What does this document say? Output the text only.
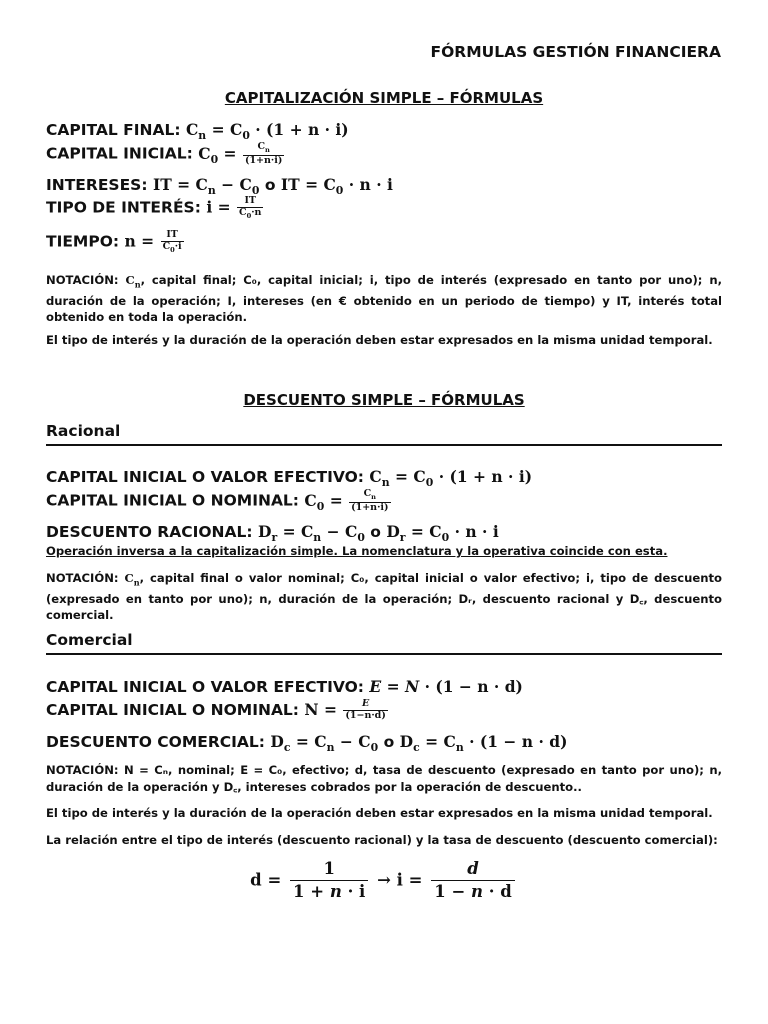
FÓRMULAS GESTIÓN FINANCIERA
CAPITALIZACIÓN SIMPLE – FÓRMULAS
CAPITAL FINAL: $C_n = C_0 \cdot (1 + n \cdot i)$
CAPITAL INICIAL: $C_0 = \frac{C_n}{(1+n\cdot i)}$
INTERESES: IT = $C_n - C_0$ o IT = $C_0 \cdot n \cdot i$
TIPO DE INTERÉS: $i = \frac{IT}{C_0\cdot n}$
TIEMPO: $n = \frac{IT}{C_0\cdot i}$
NOTACIÓN: $C_n$, capital final; C₀, capital inicial; i, tipo de interés (expresado en tanto por uno); n, duración de la operación; I, intereses (en € obtenido en un periodo de tiempo) y IT, interés total obtenido en toda la operación.
El tipo de interés y la duración de la operación deben estar expresados en la misma unidad temporal.
DESCUENTO SIMPLE – FÓRMULAS
Racional
CAPITAL INICIAL O VALOR EFECTIVO: $C_n = C_0 \cdot (1 + n \cdot i)$
CAPITAL INICIAL O NOMINAL: $C_0 = \frac{C_n}{(1+n\cdot i)}$
DESCUENTO RACIONAL: $D_r = C_n - C_0$ o $D_r = C_0 \cdot n \cdot i$
Operación inversa a la capitalización simple. La nomenclatura y la operativa coincide con esta.
NOTACIÓN: $C_n$, capital final o valor nominal; C₀, capital inicial o valor efectivo; i, tipo de descuento (expresado en tanto por uno); n, duración de la operación; Dᵣ, descuento racional y D꜀, descuento comercial.
Comercial
CAPITAL INICIAL O VALOR EFECTIVO: E = N · (1 − n · d)
CAPITAL INICIAL O NOMINAL: $N = \frac{E}{(1-n\cdot d)}$
DESCUENTO COMERCIAL: $D_c = C_n - C_0$ o $D_c = C_n \cdot (1 - n \cdot d)$
NOTACIÓN: N = Cₙ, nominal; E = C₀, efectivo; d, tasa de descuento (expresado en tanto por uno); n, duración de la operación y D꜀, intereses cobrados por la operación de descuento..
El tipo de interés y la duración de la operación deben estar expresados en la misma unidad temporal.
La relación entre el tipo de interés (descuento racional) y la tasa de descuento (descuento comercial):
$d = \frac{1}{1 + n \cdot i} \to i = \frac{d}{1 - n \cdot d}$
